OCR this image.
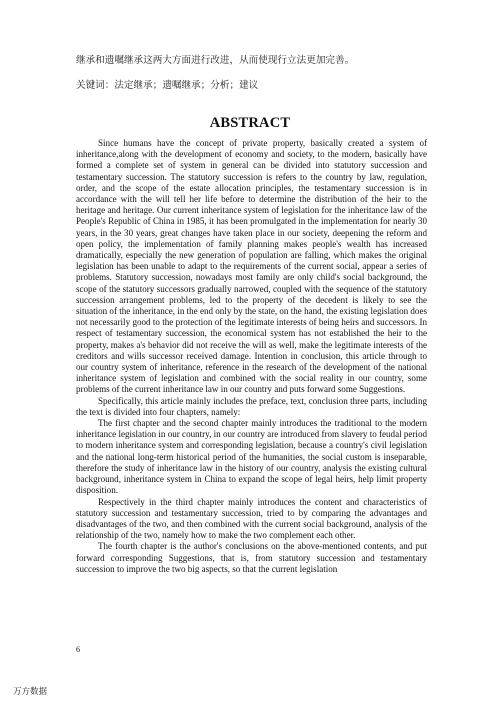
继承和遗嘱继承这两大方面进行改进，从而使现行立法更加完善。
关键词：法定继承；遗嘱继承；分析；建议
ABSTRACT

Since humans have the concept of private property, basically created a system of inheritance,along with the development of economy and society, to the modern, basically have formed a complete set of system in general can be divided into statutory succession and testamentary succession. The statutory succession is refers to the country by law, regulation, order, and the scope of the estate allocation principles, the testamentary succession is in accordance with the will tell her life before to determine the distribution of the heir to the heritage and heritage. Our current inheritance system of legislation for the inheritance law of the People's Republic of China in 1985, it has been promulgated in the implementation for nearly 30 years, in the 30 years, great changes have taken place in our society, deepening the reform and open policy, the implementation of family planning makes people's wealth has increased dramatically, especially the new generation of population are falling, which makes the original legislation has been unable to adapt to the requirements of the current social, appear a series of problems. Statutory succession, nowadays most family are only child's social background, the scope of the statutory successors gradually narrowed, coupled with the sequence of the statutory succession arrangement problems, led to the property of the decedent is likely to see the situation of the inheritance, in the end only by the state, on the hand, the existing legislation does not necessarily good to the protection of the legitimate interests of being heirs and successors. In respect of testamentary succession, the economical system has not established the heir to the property, makes a's behavior did not receive the will as well, make the legitimate interests of the creditors and wills successor received damage. Intention in conclusion, this article through to our country system of inheritance, reference in the research of the development of the national inheritance system of legislation and combined with the social reality in our country, some problems of the current inheritance law in our country and puts forward some Suggestions.

Specifically, this article mainly includes the preface, text, conclusion three parts, including the text is divided into four chapters, namely:

The first chapter and the second chapter mainly introduces the traditional to the modern inheritance legislation in our country, in our country are introduced from slavery to feudal period to modern inheritance system and corresponding legislation, because a country's civil legislation and the national long-term historical period of the humanities, the social custom is inseparable, therefore the study of inheritance law in the history of our country, analysis the existing cultural background, inheritance system in China to expand the scope of legal heirs, help limit property disposition.

Respectively in the third chapter mainly introduces the content and characteristics of statutory succession and testamentary succession, tried to by comparing the advantages and disadvantages of the two, and then combined with the current social background, analysis of the relationship of the two, namely how to make the two complement each other.

The fourth chapter is the author's conclusions on the above-mentioned contents, and put forward corresponding Suggestions, that is, from statutory succession and testamentary succession to improve the two big aspects, so that the current legislation

6
万方数据
